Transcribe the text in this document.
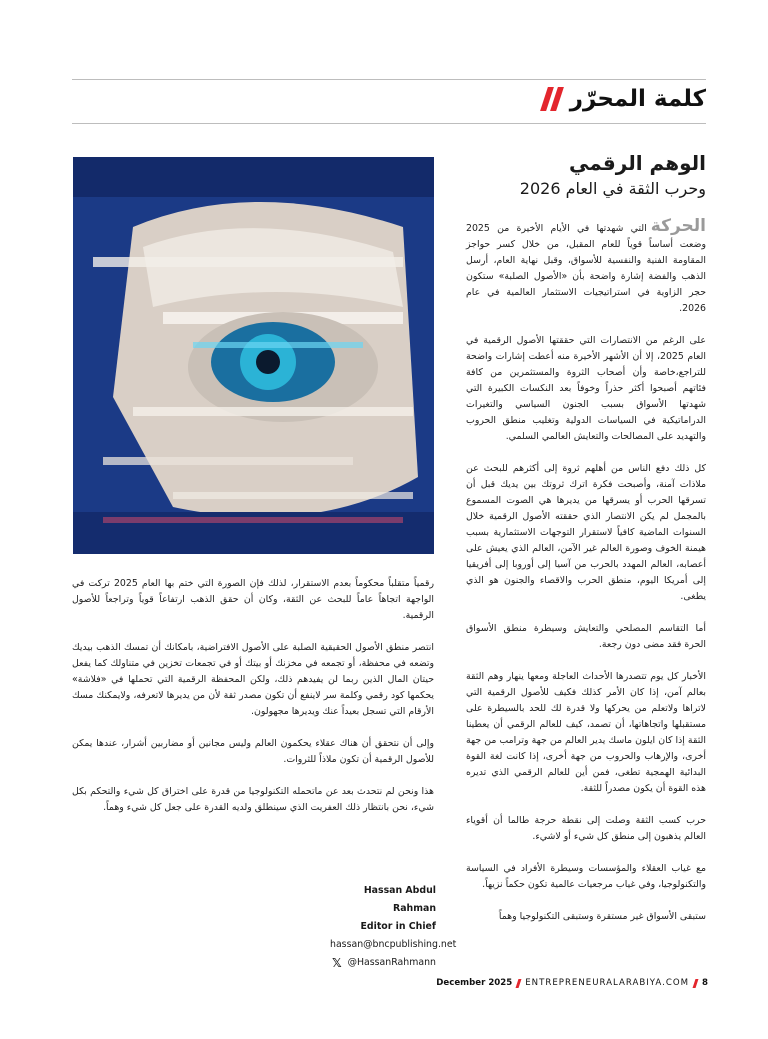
كلمة المحرّر
الوهم الرقمي
وحرب الثقة في العام 2026

الحركةالتي شهدتها في الأيام الأخيرة من 2025 وضعت أساساً قوياً للعام المقبل، من خلال كسر حواجز المقاومة الفنية والنفسية للأسواق، وقبل نهاية العام، أرسل الذهب والفضة إشارة واضحة بأن «الأصول الصلبة» ستكون حجر الزاوية في استراتيجيات الاستثمار العالمية في عام 2026.

على الرغم من الانتصارات التي حققتها الأصول الرقمية في العام 2025، إلا أن الأشهر الأخيرة منه أعطت إشارات واضحة للتراجع،خاصة وأن أصحاب الثروة والمستثمرين من كافة فئاتهم أصبحوا أكثر حذراً وخوفاً بعد النكسات الكبيرة التي شهدتها الأسواق بسبب الجنون السياسي والتغيرات الدراماتيكية في السياسات الدولية وتغليب منطق الحروب والتهديد على المصالحات والتعايش العالمي السلمي.

كل ذلك دفع الناس من أهلهم ثروة إلى أكثرهم للبحث عن ملاذات آمنة، وأصبحت فكرة اترك ثروتك بين يديك قبل أن تسرقها الحرب أو يسرقها من يديرها هي الصوت المسموع بالمجمل لم يكن الانتصار الذي حققته الأصول الرقمية خلال السنوات الماضية كافياً لاستقرار التوجهات الاستثمارية بسبب هيمنة الخوف وصورة العالم غير الآمن، العالم الذي يعيش على أعصابه، العالم المهدد بالحرب من آسيا إلى أوروبا إلى أفريقيا إلى أمريكا اليوم، منطق الحرب والاقصاء والجنون هو الذي يطغى.

أما التقاسم المصلحي والتعايش وسيطرة منطق الأسواق الحرة فقد مضى دون رجعة.

الأخبار كل يوم تتصدرها الأحداث العاجلة ومعها ينهار وهم الثقة بعالم آمن، إذا كان الأمر كذلك فكيف للأصول الرقمية التي لاتراها ولاتعلم من يحركها ولا قدرة لك للحد بالسيطرة على مستقبلها واتجاهاتها، أن تصمد، كيف للعالم الرقمي أن يعطينا الثقة إذا كان ايلون ماسك يدير العالم من جهة وترامب من جهة أخرى، والإرهاب والحروب من جهة أخرى، إذا كانت لغة القوة البدائية الهمجية تطغى، فمن أين للعالم الرقمي الذي تديره هذه القوة أن يكون مصدراً للثقة.

حرب كسب الثقة وصلت إلى نقطة حرجة طالما أن أقوياء العالم يذهبون إلى منطق كل شيء أو لاشيء.

مع غياب العقلاء والمؤسسات وسيطرة الأفراد في السياسة والتكنولوجيا، وفي غياب مرجعيات عالمية تكون حكماً نزيهاً.

ستبقى الأسواق غير مستقرة وستبقى التكنولوجيا وهماً

رقمياً متقلباً محكوماً بعدم الاستقرار، لذلك فإن الصورة التي ختم بها العام 2025 تركت في الواجهة اتجاهاً عاماً للبحث عن الثقة، وكان أن حقق الذهب ارتفاعاً قوياً وتراجعاً للأصول الرقمية.

انتصر منطق الأصول الحقيقية الصلبة على الأصول الافتراضية، بامكانك أن تمسك الذهب بيديك وتضعه في محفظة، أو تجمعه في مخزنك أو بيتك أو في تجمعات تخزين في متناولك كما يفعل حيتان المال الذين ربما لن يفيدهم ذلك، ولكن المحفظة الرقمية التي تحملها في «فلاشة» يحكمها كود رقمي وكلمة سر لاينفع أن تكون مصدر ثقة لأن من يديرها لاتعرفه، ولايمكنك مسك الأرقام التي تسجل بعيداً عنك ويديرها مجهولون.

وإلى أن نتحقق أن هناك عقلاء يحكمون العالم وليس مجانين أو مضاربين أشرار، عندها يمكن للأصول الرقمية أن تكون ملاذاً للثروات.

هذا ونحن لم نتحدث بعد عن ماتحمله التكنولوجيا من قدرة على اختراق كل شيء والتحكم بكل شيء، نحن بانتظار ذلك العفريت الذي سينطلق ولديه القدرة على جعل كل شيء وهماً.

Hassan Abdul Rahman
Editor in Chief
hassan@bncpublishing.net
𝕏 @HassanRahmann
December 2025 ENTREPRENEURALARABIYA.COM 8
